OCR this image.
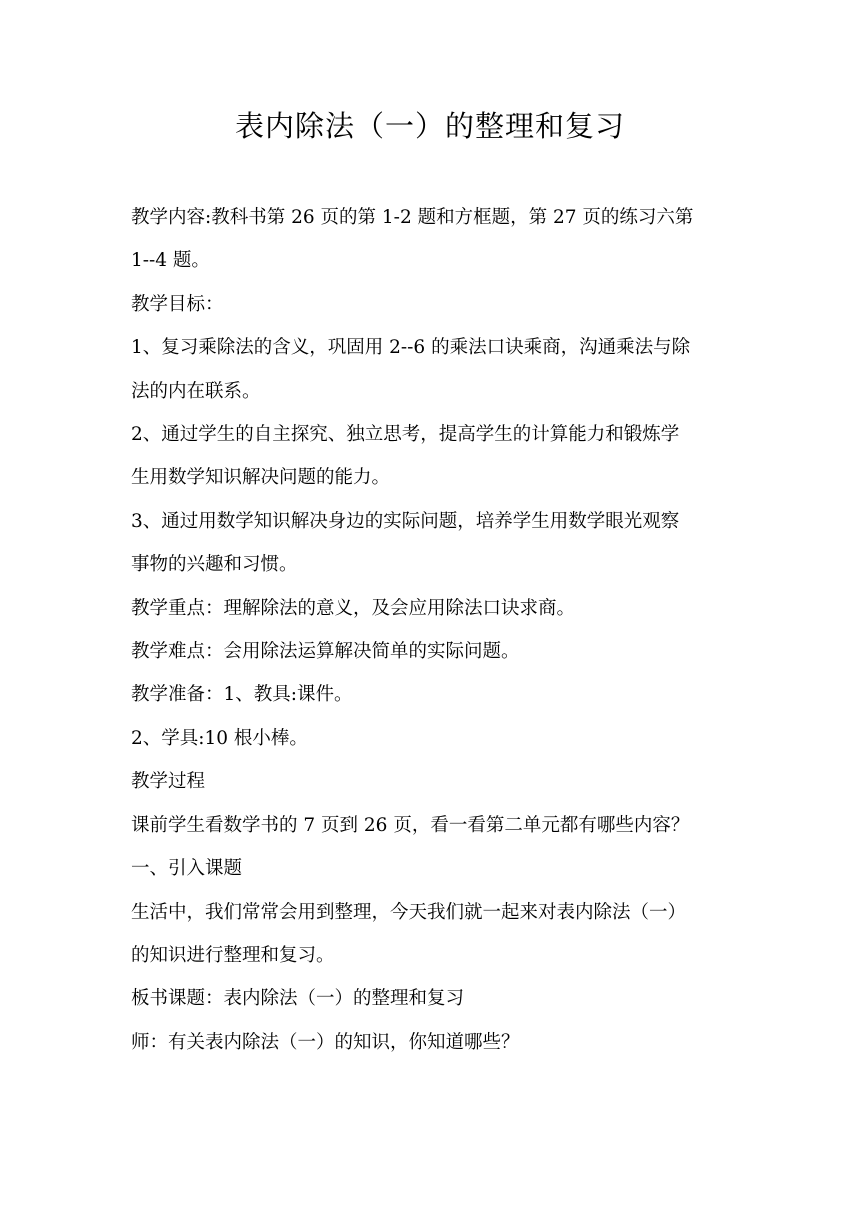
表内除法（一）的整理和复习

教学内容:教科书第 26 页的第 1-2 题和方框题，第 27 页的练习六第
1--4 题。

教学目标：

1、复习乘除法的含义，巩固用 2--6 的乘法口诀乘商，沟通乘法与除
法的内在联系。

2、通过学生的自主探究、独立思考，提高学生的计算能力和锻炼学
生用数学知识解决问题的能力。

3、通过用数学知识解决身边的实际问题，培养学生用数学眼光观察
事物的兴趣和习惯。

教学重点：理解除法的意义，及会应用除法口诀求商。

教学难点：会用除法运算解决简单的实际问题。

教学准备：1、教具:课件。

2、学具:10 根小棒。

教学过程

课前学生看数学书的 7 页到 26 页，看一看第二单元都有哪些内容？

一、引入课题

生活中，我们常常会用到整理，今天我们就一起来对表内除法（一）
的知识进行整理和复习。

板书课题：表内除法（一）的整理和复习

师：有关表内除法（一）的知识，你知道哪些？
